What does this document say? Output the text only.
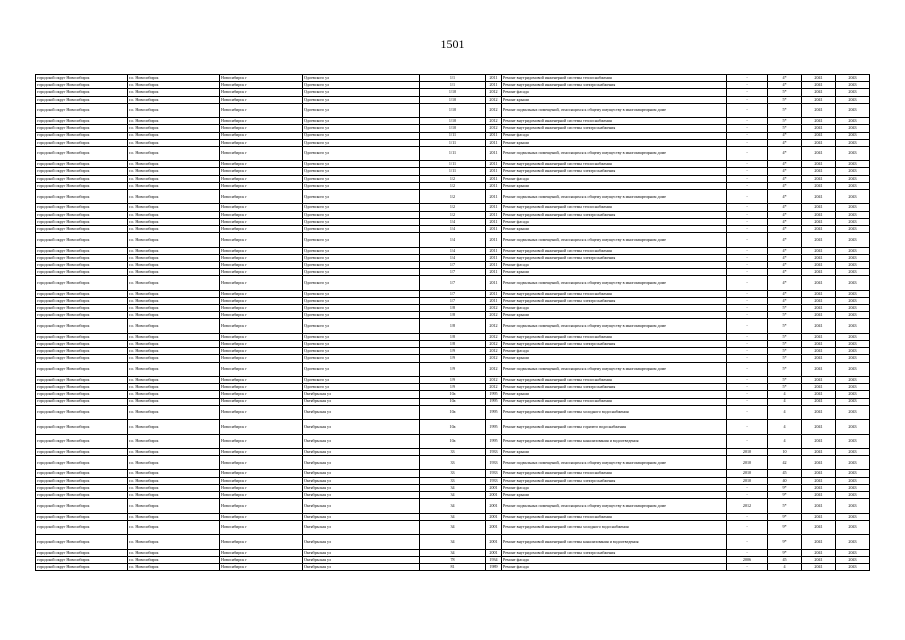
1501
городской округ Новосибирск	г.о. Новосибирск	Новосибирск г	Одоевского ул	1/1	2011	Ремонт внутридомовой инженерной системы теплоснабжения	-	4*	2041	2043
городской округ Новосибирск	г.о. Новосибирск	Новосибирск г	Одоевского ул	1/1	2011	Ремонт внутридомовой инженерной системы электроснабжения	-	4*	2041	2043
городской округ Новосибирск	г.о. Новосибирск	Новосибирск г	Одоевского ул	1/10	2012	Ремонт фасада	-	5*	2041	2043
городской округ Новосибирск	г.о. Новосибирск	Новосибирск г	Одоевского ул	1/10	2012	Ремонт крыши	-	5*	2041	2043
городской округ Новосибирск	г.о. Новосибирск	Новосибирск г	Одоевского ул	1/10	2012	Ремонт подвальных помещений, относящихся к общему имуществу в многоквартирном доме	-	5*	2041	2043
городской округ Новосибирск	г.о. Новосибирск	Новосибирск г	Одоевского ул	1/10	2012	Ремонт внутридомовой инженерной системы теплоснабжения	-	5*	2041	2043
городской округ Новосибирск	г.о. Новосибирск	Новосибирск г	Одоевского ул	1/10	2012	Ремонт внутридомовой инженерной системы электроснабжения	-	5*	2041	2043
городской округ Новосибирск	г.о. Новосибирск	Новосибирск г	Одоевского ул	1/11	2011	Ремонт фасада	-	4*	2041	2043
городской округ Новосибирск	г.о. Новосибирск	Новосибирск г	Одоевского ул	1/11	2011	Ремонт крыши	-	4*	2041	2043
городской округ Новосибирск	г.о. Новосибирск	Новосибирск г	Одоевского ул	1/11	2011	Ремонт подвальных помещений, относящихся к общему имуществу в многоквартирном доме	-	4*	2041	2043
городской округ Новосибирск	г.о. Новосибирск	Новосибирск г	Одоевского ул	1/11	2011	Ремонт внутридомовой инженерной системы теплоснабжения	-	4*	2041	2043
городской округ Новосибирск	г.о. Новосибирск	Новосибирск г	Одоевского ул	1/11	2011	Ремонт внутридомовой инженерной системы электроснабжения	-	4*	2041	2043
городской округ Новосибирск	г.о. Новосибирск	Новосибирск г	Одоевского ул	1/2	2011	Ремонт фасада	-	4*	2041	2043
городской округ Новосибирск	г.о. Новосибирск	Новосибирск г	Одоевского ул	1/2	2011	Ремонт крыши	-	4*	2041	2043
городской округ Новосибирск	г.о. Новосибирск	Новосибирск г	Одоевского ул	1/2	2011	Ремонт подвальных помещений, относящихся к общему имуществу в многоквартирном доме	-	4*	2041	2043
городской округ Новосибирск	г.о. Новосибирск	Новосибирск г	Одоевского ул	1/2	2011	Ремонт внутридомовой инженерной системы теплоснабжения	-	4*	2041	2043
городской округ Новосибирск	г.о. Новосибирск	Новосибирск г	Одоевского ул	1/2	2011	Ремонт внутридомовой инженерной системы электроснабжения	-	4*	2041	2043
городской округ Новосибирск	г.о. Новосибирск	Новосибирск г	Одоевского ул	1/4	2011	Ремонт фасада	-	4*	2041	2043
городской округ Новосибирск	г.о. Новосибирск	Новосибирск г	Одоевского ул	1/4	2011	Ремонт крыши	-	4*	2041	2043
городской округ Новосибирск	г.о. Новосибирск	Новосибирск г	Одоевского ул	1/4	2011	Ремонт подвальных помещений, относящихся к общему имуществу в многоквартирном доме	-	4*	2041	2043
городской округ Новосибирск	г.о. Новосибирск	Новосибирск г	Одоевского ул	1/4	2011	Ремонт внутридомовой инженерной системы теплоснабжения	-	4*	2041	2043
городской округ Новосибирск	г.о. Новосибирск	Новосибирск г	Одоевского ул	1/4	2011	Ремонт внутридомовой инженерной системы электроснабжения	-	4*	2041	2043
городской округ Новосибирск	г.о. Новосибирск	Новосибирск г	Одоевского ул	1/7	2011	Ремонт фасада	-	4*	2041	2043
городской округ Новосибирск	г.о. Новосибирск	Новосибирск г	Одоевского ул	1/7	2011	Ремонт крыши	-	4*	2041	2043
городской округ Новосибирск	г.о. Новосибирск	Новосибирск г	Одоевского ул	1/7	2011	Ремонт подвальных помещений, относящихся к общему имуществу в многоквартирном доме	-	4*	2041	2043
городской округ Новосибирск	г.о. Новосибирск	Новосибирск г	Одоевского ул	1/7	2011	Ремонт внутридомовой инженерной системы теплоснабжения	-	4*	2041	2043
городской округ Новосибирск	г.о. Новосибирск	Новосибирск г	Одоевского ул	1/7	2011	Ремонт внутридомовой инженерной системы электроснабжения	-	4*	2041	2043
городской округ Новосибирск	г.о. Новосибирск	Новосибирск г	Одоевского ул	1/8	2012	Ремонт фасада	-	5*	2041	2043
городской округ Новосибирск	г.о. Новосибирск	Новосибирск г	Одоевского ул	1/8	2012	Ремонт крыши	-	5*	2041	2043
городской округ Новосибирск	г.о. Новосибирск	Новосибирск г	Одоевского ул	1/8	2012	Ремонт подвальных помещений, относящихся к общему имуществу в многоквартирном доме	-	5*	2041	2043
городской округ Новосибирск	г.о. Новосибирск	Новосибирск г	Одоевского ул	1/8	2012	Ремонт внутридомовой инженерной системы теплоснабжения	-	5*	2041	2043
городской округ Новосибирск	г.о. Новосибирск	Новосибирск г	Одоевского ул	1/8	2012	Ремонт внутридомовой инженерной системы электроснабжения	-	5*	2041	2043
городской округ Новосибирск	г.о. Новосибирск	Новосибирск г	Одоевского ул	1/9	2012	Ремонт фасада	-	5*	2041	2043
городской округ Новосибирск	г.о. Новосибирск	Новосибирск г	Одоевского ул	1/9	2012	Ремонт крыши	-	5*	2041	2043
городской округ Новосибирск	г.о. Новосибирск	Новосибирск г	Одоевского ул	1/9	2012	Ремонт подвальных помещений, относящихся к общему имуществу в многоквартирном доме	-	5*	2041	2043
городской округ Новосибирск	г.о. Новосибирск	Новосибирск г	Одоевского ул	1/9	2012	Ремонт внутридомовой инженерной системы теплоснабжения	-	5*	2041	2043
городской округ Новосибирск	г.о. Новосибирск	Новосибирск г	Одоевского ул	1/9	2012	Ремонт внутридомовой инженерной системы электроснабжения	-	5*	2041	2043
городской округ Новосибирск	г.о. Новосибирск	Новосибирск г	Октябрьская ул	10а	1995	Ремонт крыши	-	4	2041	2043
городской округ Новосибирск	г.о. Новосибирск	Новосибирск г	Октябрьская ул	10а	1995	Ремонт внутридомовой инженерной системы теплоснабжения	-	4	2041	2043
городской округ Новосибирск	г.о. Новосибирск	Новосибирск г	Октябрьская ул	10а	1995	Ремонт внутридомовой инженерной системы холодного водоснабжения	-	4	2041	2043
городской округ Новосибирск	г.о. Новосибирск	Новосибирск г	Октябрьская ул	10а	1995	Ремонт внутридомовой инженерной системы горячего водоснабжения	-	4	2041	2043
городской округ Новосибирск	г.о. Новосибирск	Новосибирск г	Октябрьская ул	10а	1995	Ремонт внутридомовой инженерной системы канализования и водоотведения	-	4	2041	2043
городской округ Новосибирск	г.о. Новосибирск	Новосибирск г	Октябрьская ул	33	1933	Ремонт крыши	2010	10	2041	2043
городской округ Новосибирск	г.о. Новосибирск	Новосибирск г	Октябрьская ул	33	1933	Ремонт подвальных помещений, относящихся к общему имуществу в многоквартирном доме	2010	42	2041	2043
городской округ Новосибирск	г.о. Новосибирск	Новосибирск г	Октябрьская ул	33	1933	Ремонт внутридомовой инженерной системы теплоснабжения	2010	45	2041	2043
городской округ Новосибирск	г.о. Новосибирск	Новосибирск г	Октябрьская ул	33	1933	Ремонт внутридомовой инженерной системы электроснабжения	2010	40	2041	2043
городской округ Новосибирск	г.о. Новосибирск	Новосибирск г	Октябрьская ул	34	2001	Ремонт фасада	-	9*	2041	2043
городской округ Новосибирск	г.о. Новосибирск	Новосибирск г	Октябрьская ул	34	2001	Ремонт крыши	-	9*	2041	2043
городской округ Новосибирск	г.о. Новосибирск	Новосибирск г	Октябрьская ул	34	2001	Ремонт подвальных помещений, относящихся к общему имуществу в многоквартирном доме	2012	5*	2041	2043
городской округ Новосибирск	г.о. Новосибирск	Новосибирск г	Октябрьская ул	34	2001	Ремонт внутридомовой инженерной системы теплоснабжения	-	9*	2041	2043
городской округ Новосибирск	г.о. Новосибирск	Новосибирск г	Октябрьская ул	34	2001	Ремонт внутридомовой инженерной системы холодного водоснабжения	-	9*	2041	2043
городской округ Новосибирск	г.о. Новосибирск	Новосибирск г	Октябрьская ул	34	2001	Ремонт внутридомовой инженерной системы канализования и водоотведения	-	9*	2041	2043
городской округ Новосибирск	г.о. Новосибирск	Новосибирск г	Октябрьская ул	34	2001	Ремонт внутридомовой инженерной системы электроснабжения	-	9*	2041	2043
городской округ Новосибирск	г.о. Новосибирск	Новосибирск г	Октябрьская ул	78	1934	Ремонт фасада	2006	45	2041	2043
городской округ Новосибирск	г.о. Новосибирск	Новосибирск г	Октябрьская ул	81	1989	Ремонт фасада	-	4	2041	2043
